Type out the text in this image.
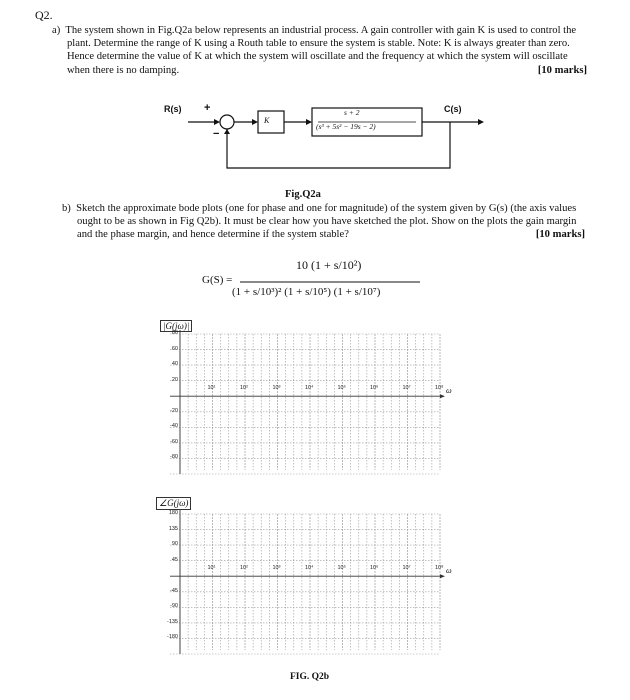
Q2.
a) The system shown in Fig.Q2a below represents an industrial process. A gain controller with gain K is used to control the plant. Determine the range of K using a Routh table to ensure the system is stable. Note: K is always greater than zero. Hence determine the value of K at which the system will oscillate and the frequency at which the system will oscillate when there is no damping.	[10 marks]
R(s) +
−
K
s + 2
(s³ + 5s² − 19s − 2)
C(s)
Fig.Q2a
b) Sketch the approximate bode plots (one for phase and one for magnitude) of the system given by G(s) (the axis values ought to be as shown in Fig Q2b). It must be clear how you have sketched the plot. Show on the plots the gain margin and the phase margin, and hence determine if the system stable?	[10 marks]
G(S) =
10 (1 + s/10²)
(1 + s/10³)² (1 + s/10⁵) (1 + s/10⁷)
|G(jω)|
80
60
40
20
-20
-40
-60
-80
10¹	10²	10³	10⁴	10⁵	10⁶	10⁷	10⁸ ω
∠G(jω)
180
135
90
45
-45
-90
-135
-180
10¹	10²	10³	10⁴	10⁵	10⁶	10⁷	10⁸ ω
FIG. Q2b
